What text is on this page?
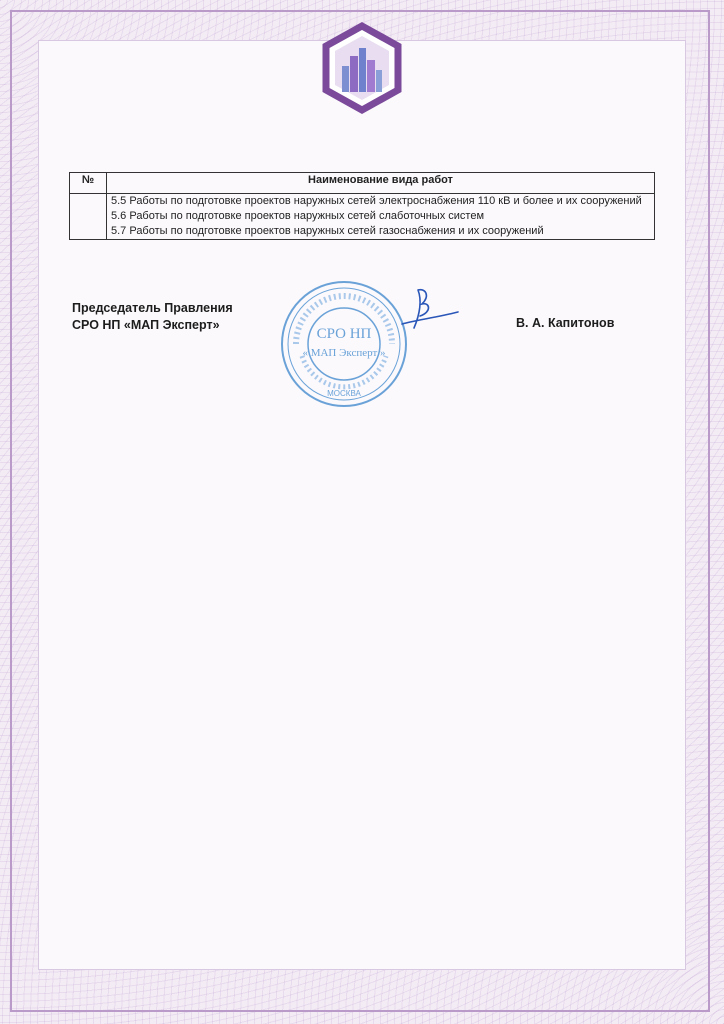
№	Наименование вида работ

	5.5 Работы по подготовке проектов наружных сетей электроснабжения 110 кВ и более и их сооружений
5.6 Работы по подготовке проектов наружных сетей слаботочных систем
5.7 Работы по подготовке проектов наружных сетей газоснабжения и их сооружений
Председатель Правления
СРО НП «МАП Эксперт»
СРО НП
« МАП Эксперт »
МОСКВА
В. А. Капитонов
